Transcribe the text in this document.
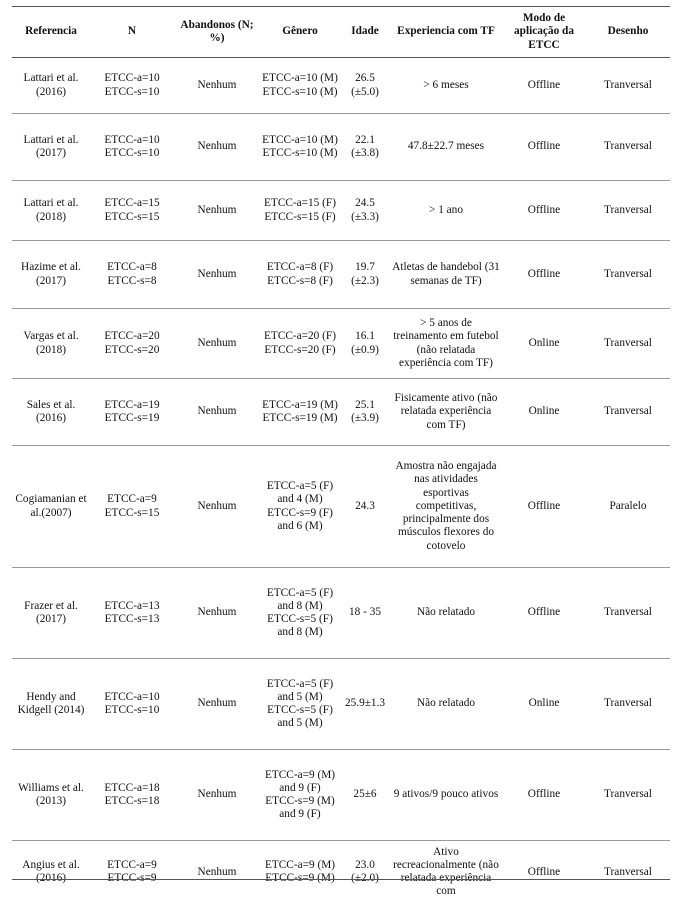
Referencia	N	Abandonos (N; %)	Gênero	Idade	Experiencia com TF	Modo de aplicação da ETCC	Desenho
Lattari et al. (2016)	ETCC-a=10 ETCC-s=10	Nenhum	ETCC-a=10 (M) ETCC-s=10 (M)	26.5 (±5.0)	> 6 meses	Offline	Tranversal
Lattari et al. (2017)	ETCC-a=10 ETCC-s=10	Nenhum	ETCC-a=10 (M) ETCC-s=10 (M)	22.1 (±3.8)	47.8±22.7 meses	Offline	Tranversal
Lattari et al. (2018)	ETCC-a=15 ETCC-s=15	Nenhum	ETCC-a=15 (F) ETCC-s=15 (F)	24.5 (±3.3)	> 1 ano	Offline	Tranversal
Hazime et al. (2017)	ETCC-a=8 ETCC-s=8	Nenhum	ETCC-a=8 (F) ETCC-s=8 (F)	19.7 (±2.3)	Atletas de handebol (31 semanas de TF)	Offline	Tranversal
Vargas et al. (2018)	ETCC-a=20 ETCC-s=20	Nenhum	ETCC-a=20 (F) ETCC-s=20 (F)	16.1 (±0.9)	> 5 anos de treinamento em futebol (não relatada experiência com TF)	Online	Tranversal
Sales et al. (2016)	ETCC-a=19 ETCC-s=19	Nenhum	ETCC-a=19 (M) ETCC-s=19 (M)	25.1 (±3.9)	Fisicamente ativo (não relatada experiência com TF)	Online	Tranversal
Cogiamanian et al.(2007)	ETCC-a=9 ETCC-s=15	Nenhum	ETCC-a=5 (F) and 4 (M) ETCC-s=9 (F) and 6 (M)	24.3	Amostra não engajada nas atividades esportivas competitivas, principalmente dos músculos flexores do cotovelo	Offline	Paralelo
Frazer et al. (2017)	ETCC-a=13 ETCC-s=13	Nenhum	ETCC-a=5 (F) and 8 (M) ETCC-s=5 (F) and 8 (M)	18 - 35	Não relatado	Offline	Tranversal
Hendy and Kidgell (2014)	ETCC-a=10 ETCC-s=10	Nenhum	ETCC-a=5 (F) and 5 (M) ETCC-s=5 (F) and 5 (M)	25.9±1.3	Não relatado	Online	Tranversal
Williams et al. (2013)	ETCC-a=18 ETCC-s=18	Nenhum	ETCC-a=9 (M) and 9 (F) ETCC-s=9 (M) and 9 (F)	25±6	9 ativos/9 pouco ativos	Offline	Tranversal
Angius et al. (2016)	ETCC-a=9 ETCC-s=9	Nenhum	ETCC-a=9 (M) ETCC-s=9 (M)	23.0 (±2.0)	Ativo recreacionalmente (não relatada experiência com	Offline	Tranversal
